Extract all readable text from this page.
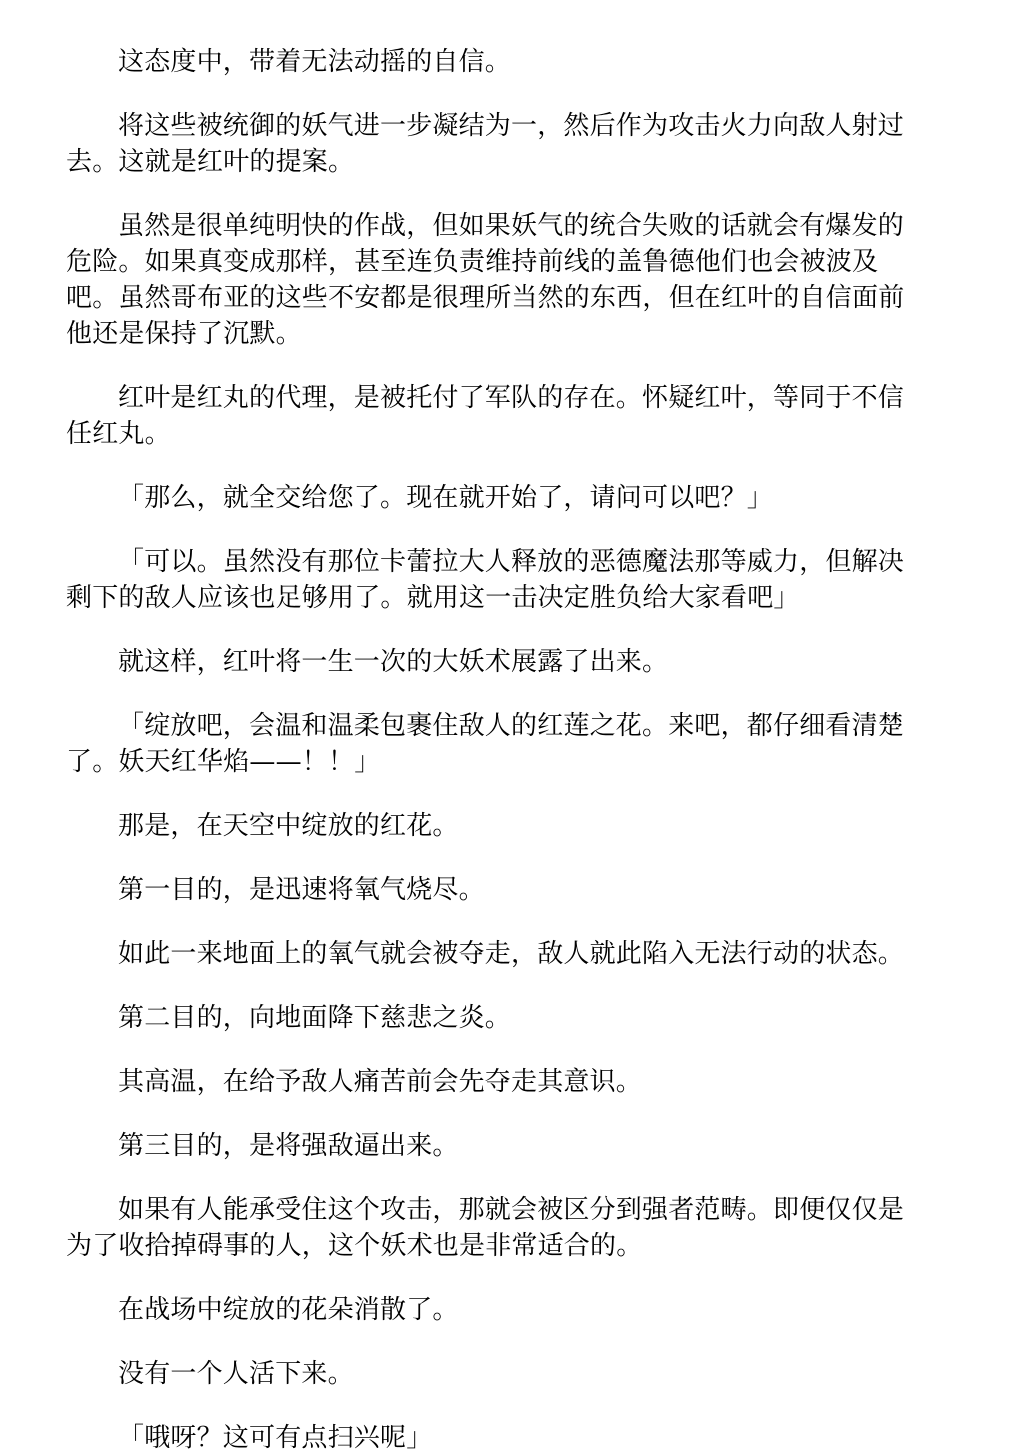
这态度中，带着无法动摇的自信。

将这些被统御的妖气进一步凝结为一，然后作为攻击火力向敌人射过去。这就是红叶的提案。

虽然是很单纯明快的作战，但如果妖气的统合失败的话就会有爆发的危险。如果真变成那样，甚至连负责维持前线的盖鲁德他们也会被波及吧。虽然哥布亚的这些不安都是很理所当然的东西，但在红叶的自信面前他还是保持了沉默。

红叶是红丸的代理，是被托付了军队的存在。怀疑红叶，等同于不信任红丸。

「那么，就全交给您了。现在就开始了，请问可以吧？」

「可以。虽然没有那位卡蕾拉大人释放的恶德魔法那等威力，但解决剩下的敌人应该也足够用了。就用这一击决定胜负给大家看吧」

就这样，红叶将一生一次的大妖术展露了出来。

「绽放吧，会温和温柔包裹住敌人的红莲之花。来吧，都仔细看清楚了。妖天红华焰——！！」

那是，在天空中绽放的红花。

第一目的，是迅速将氧气烧尽。

如此一来地面上的氧气就会被夺走，敌人就此陷入无法行动的状态。

第二目的，向地面降下慈悲之炎。

其高温，在给予敌人痛苦前会先夺走其意识。

第三目的，是将强敌逼出来。

如果有人能承受住这个攻击，那就会被区分到强者范畴。即便仅仅是为了收拾掉碍事的人，这个妖术也是非常适合的。

在战场中绽放的花朵消散了。

没有一个人活下来。

「哦呀？这可有点扫兴呢」
